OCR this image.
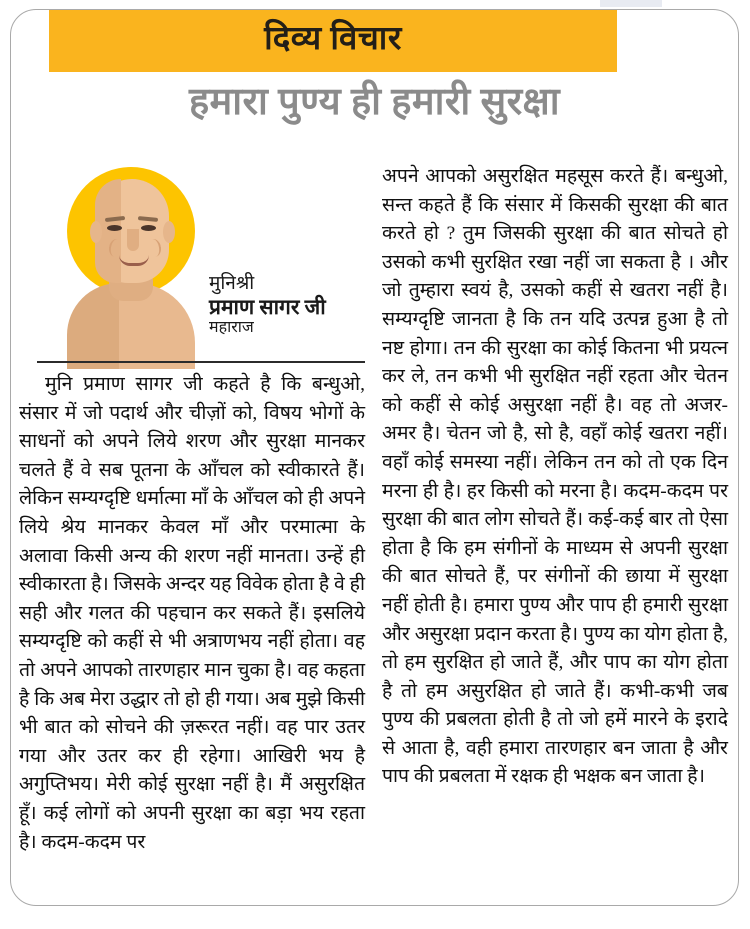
दिव्य विचार
हमारा पुण्य ही हमारी सुरक्षा
मुनिश्री
प्रमाण सागर जी
महाराज
मुनि प्रमाण सागर जी कहते है कि बन्धुओ, संसार में जो पदार्थ और चीज़ों को, विषय भोगों के साधनों को अपने लिये शरण और सुरक्षा मानकर चलते हैं वे सब पूतना के आँचल को स्वीकारते हैं। लेकिन सम्यग्दृष्टि धर्मात्मा माँ के आँचल को ही अपने लिये श्रेय मानकर केवल माँ और परमात्मा के अलावा किसी अन्य की शरण नहीं मानता। उन्हें ही स्वीकारता है। जिसके अन्दर यह विवेक होता है वे ही सही और गलत की पहचान कर सकते हैं। इसलिये सम्यग्दृष्टि को कहीं से भी अत्राणभय नहीं होता। वह तो अपने आपको तारणहार मान चुका है। वह कहता है कि अब मेरा उद्धार तो हो ही गया। अब मुझे किसी भी बात को सोचने की ज़रूरत नहीं। वह पार उतर गया और उतर कर ही रहेगा। आखिरी भय है अगुप्तिभय। मेरी कोई सुरक्षा नहीं है। मैं असुरक्षित हूँ। कई लोगों को अपनी सुरक्षा का बड़ा भय रहता है। कदम-कदम पर
अपने आपको असुरक्षित महसूस करते हैं। बन्धुओ, सन्त कहते हैं कि संसार में किसकी सुरक्षा की बात करते हो ? तुम जिसकी सुरक्षा की बात सोचते हो उसको कभी सुरक्षित रखा नहीं जा सकता है । और जो तुम्हारा स्वयं है, उसको कहीं से खतरा नहीं है। सम्यग्दृष्टि जानता है कि तन यदि उत्पन्न हुआ है तो नष्ट होगा। तन की सुरक्षा का कोई कितना भी प्रयत्न कर ले, तन कभी भी सुरक्षित नहीं रहता और चेतन को कहीं से कोई असुरक्षा नहीं है। वह तो अजर-अमर है। चेतन जो है, सो है, वहाँ कोई खतरा नहीं। वहाँ कोई समस्या नहीं। लेकिन तन को तो एक दिन मरना ही है। हर किसी को मरना है। कदम-कदम पर सुरक्षा की बात लोग सोचते हैं। कई-कई बार तो ऐसा होता है कि हम संगीनों के माध्यम से अपनी सुरक्षा की बात सोचते हैं, पर संगीनों की छाया में सुरक्षा नहीं होती है। हमारा पुण्य और पाप ही हमारी सुरक्षा और असुरक्षा प्रदान करता है। पुण्य का योग होता है, तो हम सुरक्षित हो जाते हैं, और पाप का योग होता है तो हम असुरक्षित हो जाते हैं। कभी-कभी जब पुण्य की प्रबलता होती है तो जो हमें मारने के इरादे से आता है, वही हमारा तारणहार बन जाता है और पाप की प्रबलता में रक्षक ही भक्षक बन जाता है।
